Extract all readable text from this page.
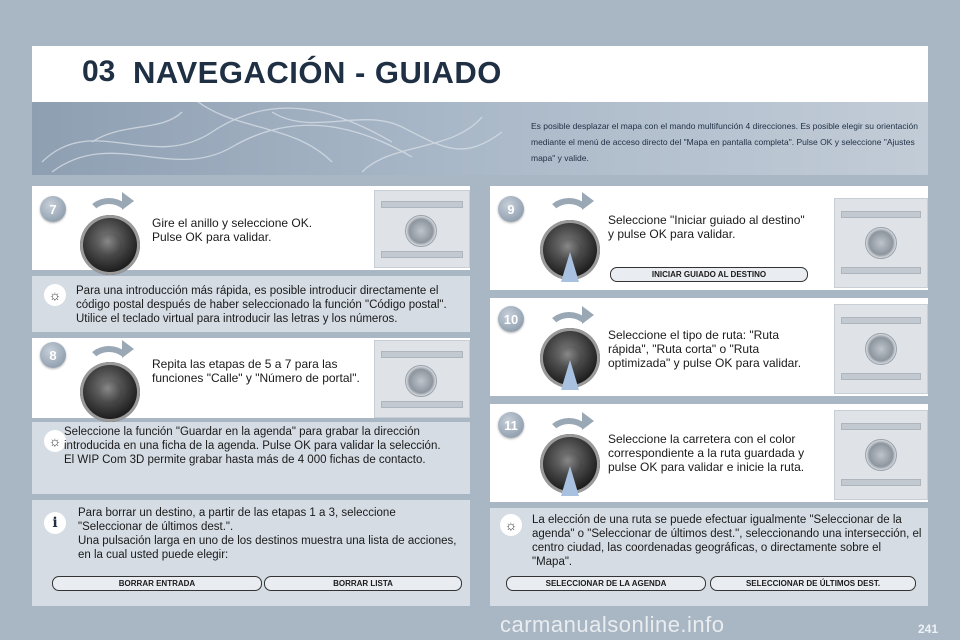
03 NAVEGACIÓN - GUIADO
Es posible desplazar el mapa con el mando multifunción 4 direcciones. Es posible elegir su orientación mediante el menú de acceso directo del "Mapa en pantalla completa". Pulse OK y seleccione "Ajustes mapa" y valide.
7
Gire el anillo y seleccione OK.
Pulse OK para validar.
☼	Para una introducción más rápida, es posible introducir directamente el código postal después de haber seleccionado la función "Código postal". Utilice el teclado virtual para introducir las letras y los números.
8
Repita las etapas de 5 a 7 para las funciones "Calle" y "Número de portal".
☼
Seleccione la función "Guardar en la agenda" para grabar la dirección introducida en una ficha de la agenda. Pulse OK para validar la selección.
El WIP Com 3D permite grabar hasta más de 4 000 fichas de contacto.
i
Para borrar un destino, a partir de las etapas 1 a 3, seleccione "Seleccionar de últimos dest.".
Una pulsación larga en uno de los destinos muestra una lista de acciones, en la cual usted puede elegir:
BORRAR ENTRADA	BORRAR LISTA
9
Seleccione "Iniciar guiado al destino" y pulse OK para validar.
INICIAR GUIADO AL DESTINO
10
Seleccione el tipo de ruta: "Ruta rápida", "Ruta corta" o "Ruta optimizada" y pulse OK para validar.
11
Seleccione la carretera con el color correspondiente a la ruta guardada y pulse OK para validar e inicie la ruta.
☼	La elección de una ruta se puede efectuar igualmente "Seleccionar de la agenda" o "Seleccionar de últimos dest.", seleccionando una intersección, el centro ciudad, las coordenadas geográficas, o directamente sobre el "Mapa".
SELECCIONAR DE LA AGENDA	SELECCIONAR DE ÚLTIMOS DEST.
carmanualsonline.info	241
